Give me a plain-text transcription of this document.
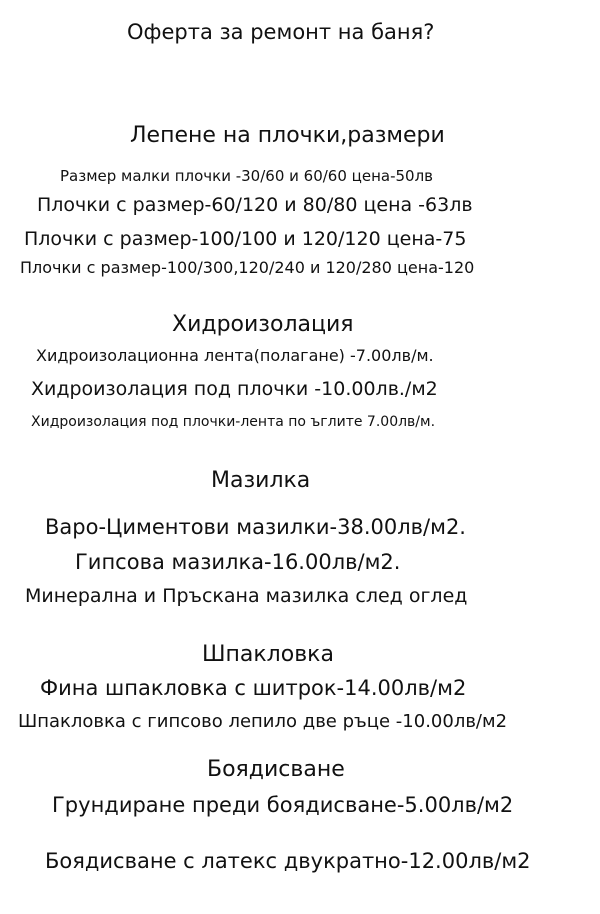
Оферта за ремонт на баня?
Лепене на плочки,размери
Размер малки плочки -30/60 и 60/60 цена-50лв
Плочки с размер-60/120 и 80/80 цена -63лв
Плочки с размер-100/100 и 120/120 цена-75
Плочки с размер-100/300,120/240 и 120/280 цена-120
Хидроизолация
Хидроизолационна лента(полагане) -7.00лв/м.
Хидроизолация под плочки -10.00лв./м2
Хидроизолация под плочки-лента по ъглите 7.00лв/м.
Мазилка
Варо-Циментови мазилки-38.00лв/м2.
Гипсова мазилка-16.00лв/м2.
Минерална и Пръскана мазилка след оглед
Шпакловка
Фина шпакловка с шитрок-14.00лв/м2
Шпакловка с гипсово лепило две ръце -10.00лв/м2
Боядисване
Грундиране преди боядисване-5.00лв/м2
Боядисване с латекс двукратно-12.00лв/м2
